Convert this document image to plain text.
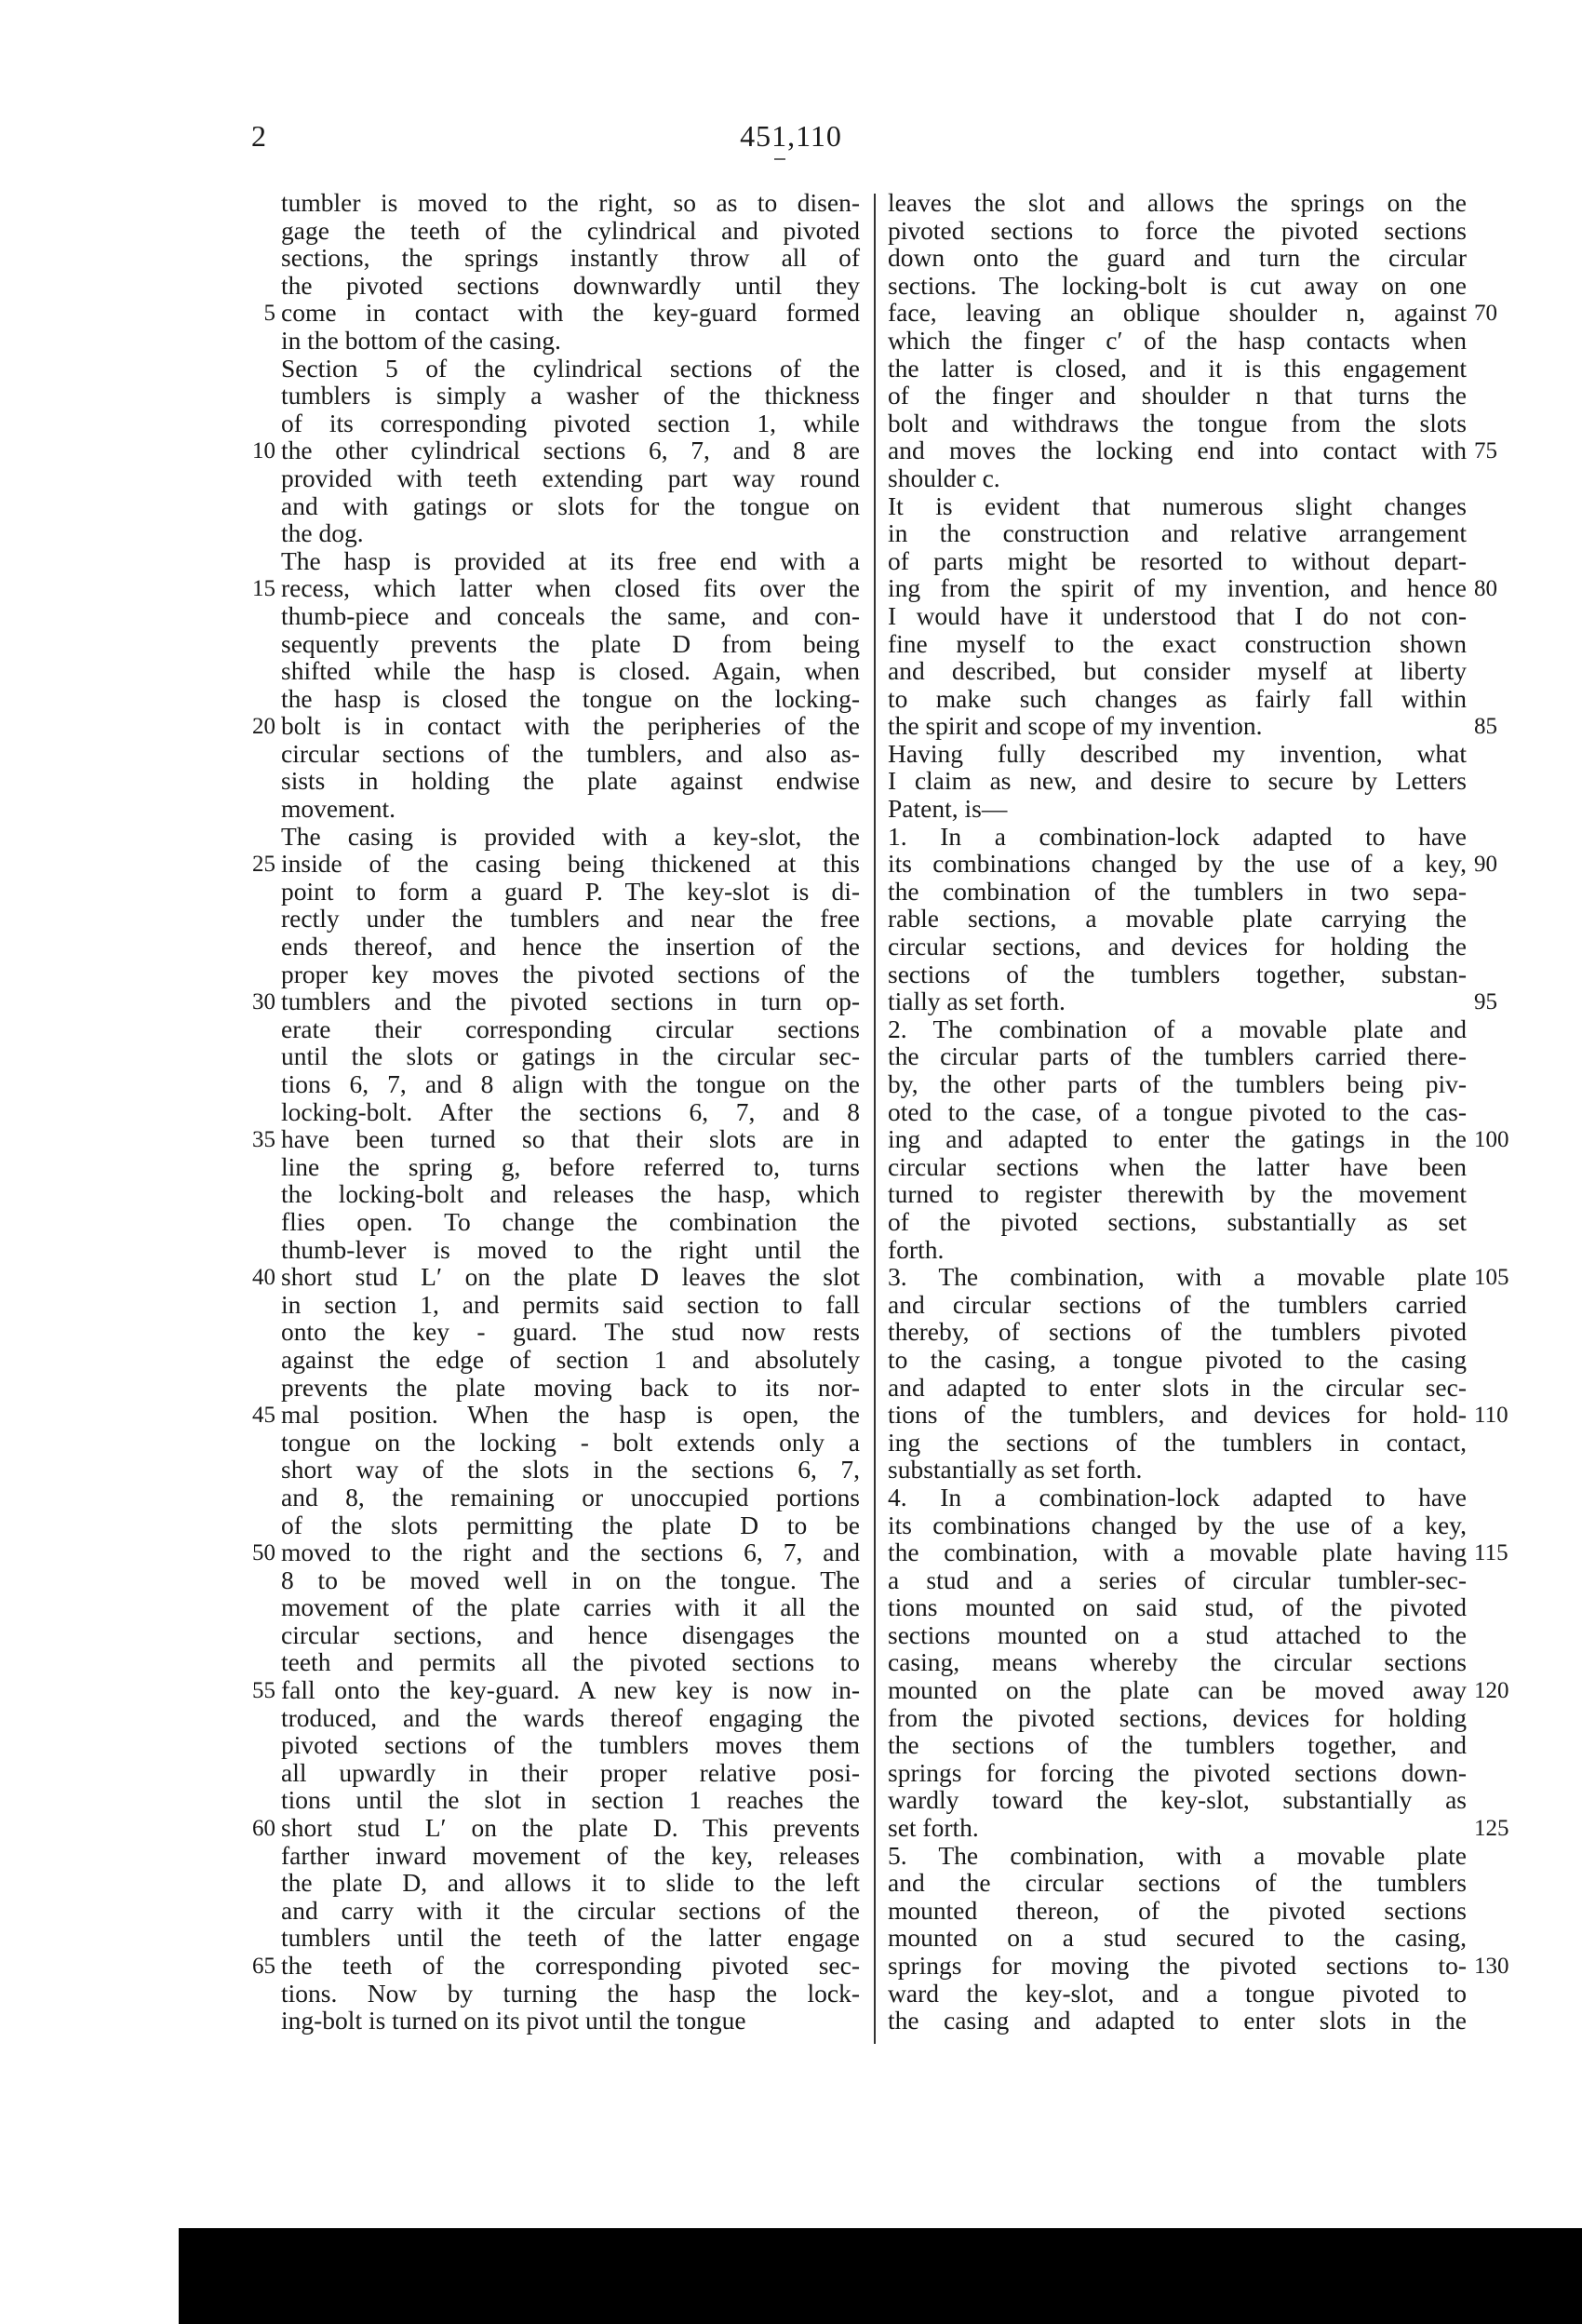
2	451,110
tumbler is moved to the right, so as to disen-
gage the teeth of the cylindrical and pivoted
sections, the springs instantly throw all of
the pivoted sections downwardly until they
come in contact with the key-guard formed
in the bottom of the casing.
Section 5 of the cylindrical sections of the
tumblers is simply a washer of the thickness
of its corresponding pivoted section 1, while
the other cylindrical sections 6, 7, and 8 are
provided with teeth extending part way round
and with gatings or slots for the tongue on
the dog.
The hasp is provided at its free end with a
recess, which latter when closed fits over the
thumb-piece and conceals the same, and con-
sequently prevents the plate D from being
shifted while the hasp is closed. Again, when
the hasp is closed the tongue on the locking-
bolt is in contact with the peripheries of the
circular sections of the tumblers, and also as-
sists in holding the plate against endwise
movement.
The casing is provided with a key-slot, the
inside of the casing being thickened at this
point to form a guard P. The key-slot is di-
rectly under the tumblers and near the free
ends thereof, and hence the insertion of the
proper key moves the pivoted sections of the
tumblers and the pivoted sections in turn op-
erate their corresponding circular sections
until the slots or gatings in the circular sec-
tions 6, 7, and 8 align with the tongue on the
locking-bolt. After the sections 6, 7, and 8
have been turned so that their slots are in
line the spring g, before referred to, turns
the locking-bolt and releases the hasp, which
flies open. To change the combination the
thumb-lever is moved to the right until the
short stud L′ on the plate D leaves the slot
in section 1, and permits said section to fall
onto the key - guard. The stud now rests
against the edge of section 1 and absolutely
prevents the plate moving back to its nor-
mal position. When the hasp is open, the
tongue on the locking - bolt extends only a
short way of the slots in the sections 6, 7,
and 8, the remaining or unoccupied portions
of the slots permitting the plate D to be
moved to the right and the sections 6, 7, and
8 to be moved well in on the tongue. The
movement of the plate carries with it all the
circular sections, and hence disengages the
teeth and permits all the pivoted sections to
fall onto the key-guard. A new key is now in-
troduced, and the wards thereof engaging the
pivoted sections of the tumblers moves them
all upwardly in their proper relative posi-
tions until the slot in section 1 reaches the
short stud L′ on the plate D. This prevents
farther inward movement of the key, releases
the plate D, and allows it to slide to the left
and carry with it the circular sections of the
tumblers until the teeth of the latter engage
the teeth of the corresponding pivoted sec-
tions. Now by turning the hasp the lock-
ing-bolt is turned on its pivot until the tongue
leaves the slot and allows the springs on the
pivoted sections to force the pivoted sections
down onto the guard and turn the circular
sections. The locking-bolt is cut away on one
face, leaving an oblique shoulder n, against
which the finger c′ of the hasp contacts when
the latter is closed, and it is this engagement
of the finger and shoulder n that turns the
bolt and withdraws the tongue from the slots
and moves the locking end into contact with
shoulder c.
It is evident that numerous slight changes
in the construction and relative arrangement
of parts might be resorted to without depart-
ing from the spirit of my invention, and hence
I would have it understood that I do not con-
fine myself to the exact construction shown
and described, but consider myself at liberty
to make such changes as fairly fall within
the spirit and scope of my invention.
Having fully described my invention, what
I claim as new, and desire to secure by Letters
Patent, is—
1. In a combination-lock adapted to have
its combinations changed by the use of a key,
the combination of the tumblers in two sepa-
rable sections, a movable plate carrying the
circular sections, and devices for holding the
sections of the tumblers together, substan-
tially as set forth.
2. The combination of a movable plate and
the circular parts of the tumblers carried there-
by, the other parts of the tumblers being piv-
oted to the case, of a tongue pivoted to the cas-
ing and adapted to enter the gatings in the
circular sections when the latter have been
turned to register therewith by the movement
of the pivoted sections, substantially as set
forth.
3. The combination, with a movable plate
and circular sections of the tumblers carried
thereby, of sections of the tumblers pivoted
to the casing, a tongue pivoted to the casing
and adapted to enter slots in the circular sec-
tions of the tumblers, and devices for hold-
ing the sections of the tumblers in contact,
substantially as set forth.
4. In a combination-lock adapted to have
its combinations changed by the use of a key,
the combination, with a movable plate having
a stud and a series of circular tumbler-sec-
tions mounted on said stud, of the pivoted
sections mounted on a stud attached to the
casing, means whereby the circular sections
mounted on the plate can be moved away
from the pivoted sections, devices for holding
the sections of the tumblers together, and
springs for forcing the pivoted sections down-
wardly toward the key-slot, substantially as
set forth.
5. The combination, with a movable plate
and the circular sections of the tumblers
mounted thereon, of the pivoted sections
mounted on a stud secured to the casing,
springs for moving the pivoted sections to-
ward the key-slot, and a tongue pivoted to
the casing and adapted to enter slots in the
5
10
15
20
25
30
35
40
45
50
55
60
65
70
75
80
85
90
95
100
105
110
115
120
125
130
